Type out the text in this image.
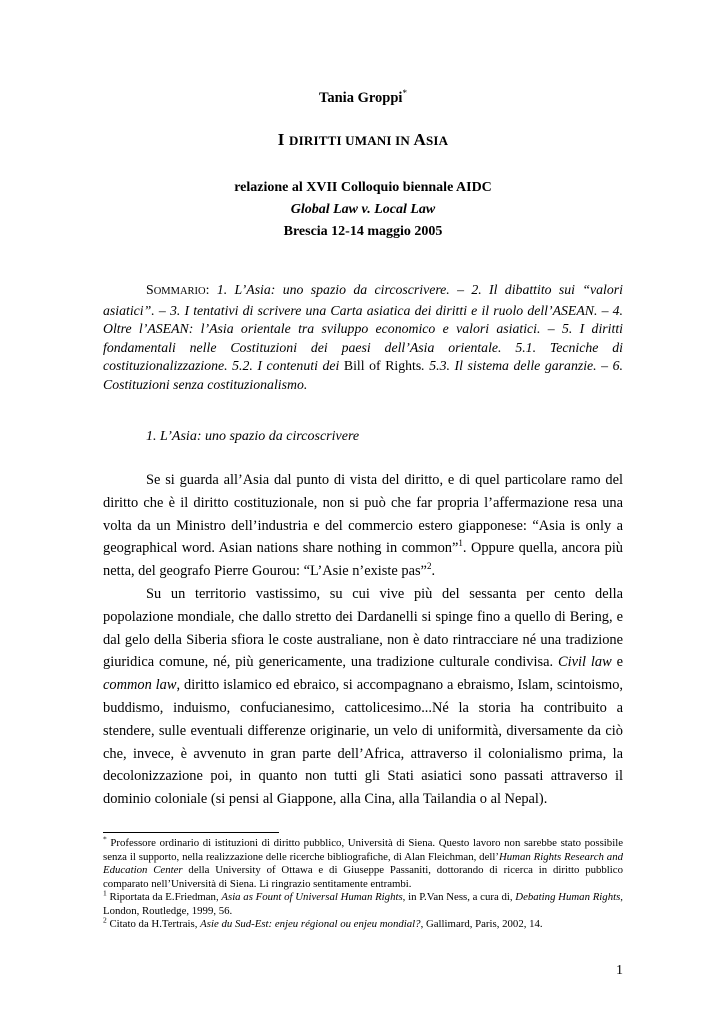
Tania Groppi*
I DIRITTI UMANI IN ASIA
relazione al XVII Colloquio biennale AIDC
Global Law v. Local Law
Brescia 12-14 maggio 2005
SOMMARIO: 1. L’Asia: uno spazio da circoscrivere. – 2. Il dibattito sui “valori asiatici”. – 3. I tentativi di scrivere una Carta asiatica dei diritti e il ruolo dell’ASEAN. – 4. Oltre l’ASEAN: l’Asia orientale tra sviluppo economico e valori asiatici. – 5. I diritti fondamentali nelle Costituzioni dei paesi dell’Asia orientale. 5.1. Tecniche di costituzionalizzazione. 5.2. I contenuti dei Bill of Rights. 5.3. Il sistema delle garanzie. – 6. Costituzioni senza costituzionalismo.
1. L’Asia: uno spazio da circoscrivere

Se si guarda all’Asia dal punto di vista del diritto, e di quel particolare ramo del diritto che è il diritto costituzionale, non si può che far propria l’affermazione resa una volta da un Ministro dell’industria e del commercio estero giapponese: “Asia is only a geographical word. Asian nations share nothing in common”$^1$. Oppure quella, ancora più netta, del geografo Pierre Gourou: “L’Asie n’existe pas”$^2$.

Su un territorio vastissimo, su cui vive più del sessanta per cento della popolazione mondiale, che dallo stretto dei Dardanelli si spinge fino a quello di Bering, e dal gelo della Siberia sfiora le coste australiane, non è dato rintracciare né una tradizione giuridica comune, né, più genericamente, una tradizione culturale condivisa. Civil law e common law, diritto islamico ed ebraico, si accompagnano a ebraismo, Islam, scintoismo, buddismo, induismo, confucianesimo, cattolicesimo...Né la storia ha contribuito a stendere, sulle eventuali differenze originarie, un velo di uniformità, diversamente da ciò che, invece, è avvenuto in gran parte dell’Africa, attraverso il colonialismo prima, la decolonizzazione poi, in quanto non tutti gli Stati asiatici sono passati attraverso il dominio coloniale (si pensi al Giappone, alla Cina, alla Tailandia o al Nepal).

* Professore ordinario di istituzioni di diritto pubblico, Università di Siena. Questo lavoro non sarebbe stato possibile senza il supporto, nella realizzazione delle ricerche bibliografiche, di Alan Fleichman, dell’Human Rights Research and Education Center della University of Ottawa e di Giuseppe Passaniti, dottorando di ricerca in diritto pubblico comparato nell’Università di Siena. Li ringrazio sentitamente entrambi.

$^1$ Riportata da E.Friedman, Asia as Fount of Universal Human Rights, in P.Van Ness, a cura di, Debating Human Rights, London, Routledge, 1999, 56.

$^2$ Citato da H.Tertrais, Asie du Sud-Est: enjeu régional ou enjeu mondial?, Gallimard, Paris, 2002, 14.

1
